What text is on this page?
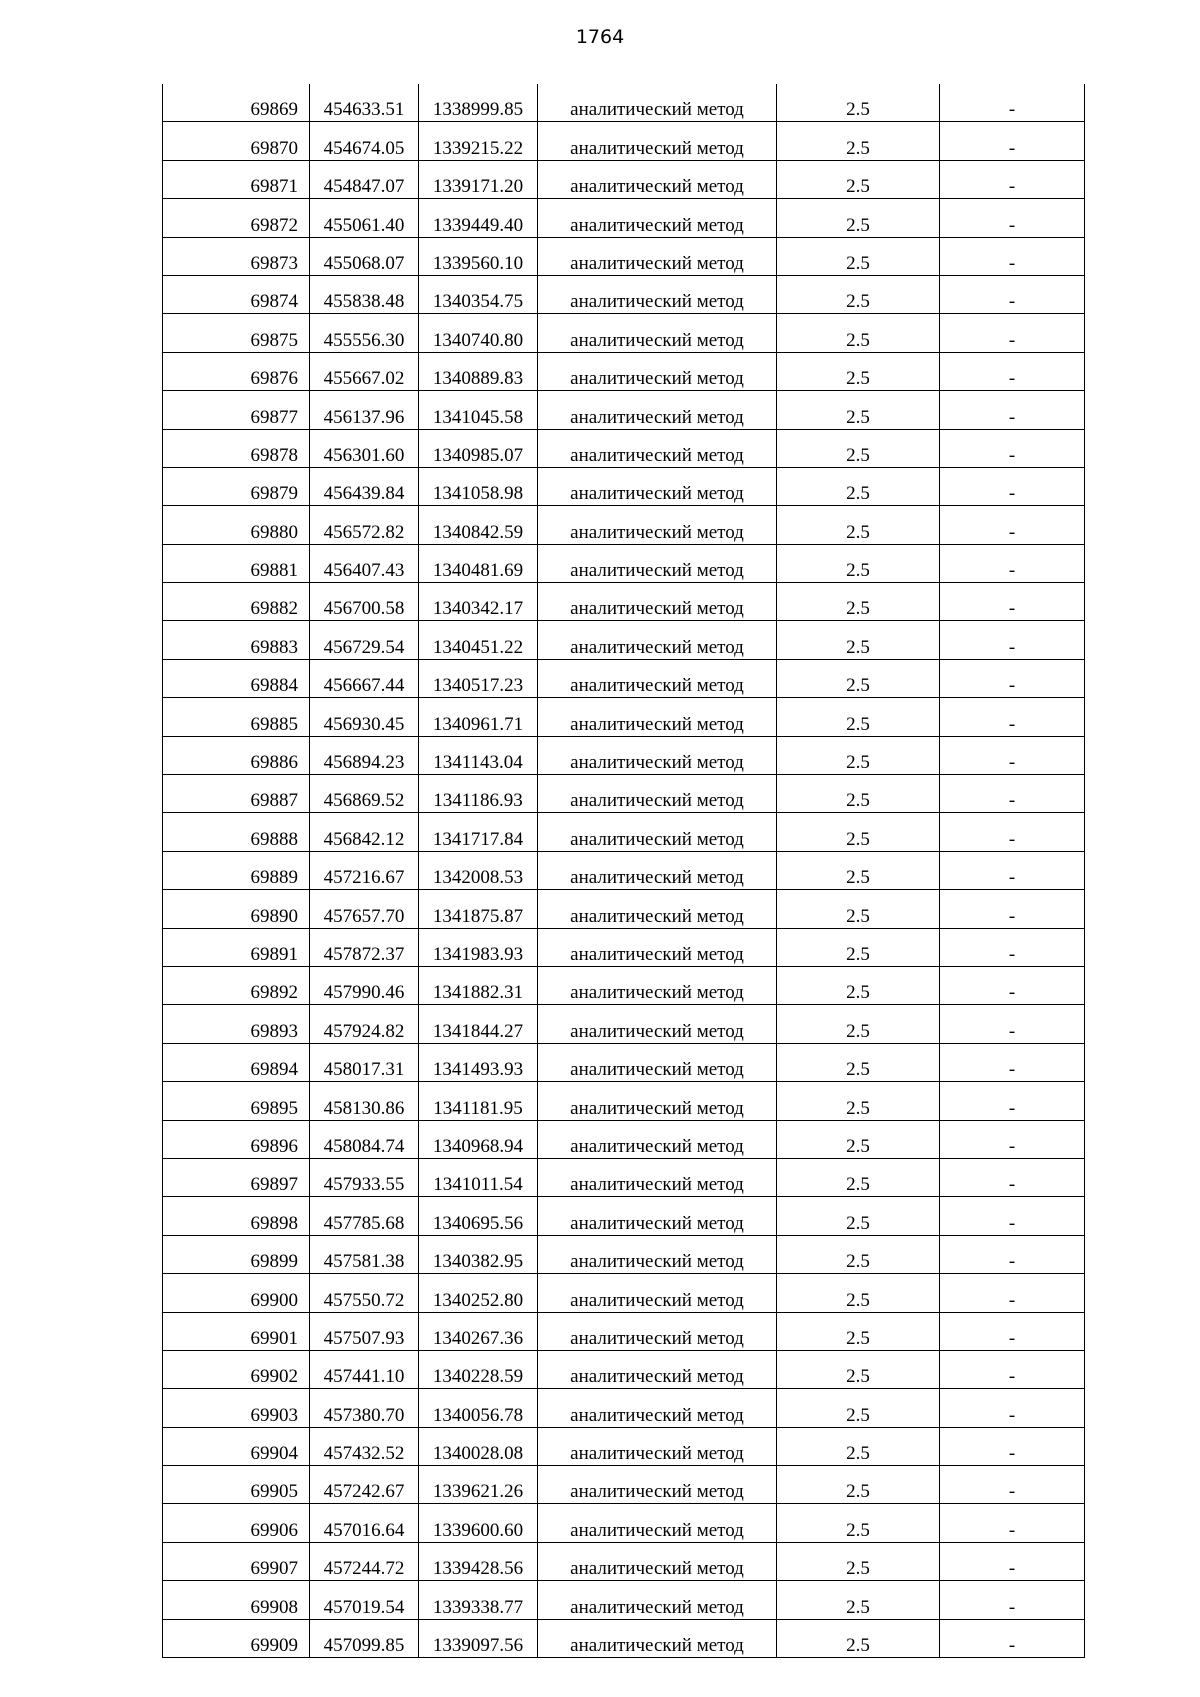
1764
69869	454633.51	1338999.85	аналитический метод	2.5	-
69870	454674.05	1339215.22	аналитический метод	2.5	-
69871	454847.07	1339171.20	аналитический метод	2.5	-
69872	455061.40	1339449.40	аналитический метод	2.5	-
69873	455068.07	1339560.10	аналитический метод	2.5	-
69874	455838.48	1340354.75	аналитический метод	2.5	-
69875	455556.30	1340740.80	аналитический метод	2.5	-
69876	455667.02	1340889.83	аналитический метод	2.5	-
69877	456137.96	1341045.58	аналитический метод	2.5	-
69878	456301.60	1340985.07	аналитический метод	2.5	-
69879	456439.84	1341058.98	аналитический метод	2.5	-
69880	456572.82	1340842.59	аналитический метод	2.5	-
69881	456407.43	1340481.69	аналитический метод	2.5	-
69882	456700.58	1340342.17	аналитический метод	2.5	-
69883	456729.54	1340451.22	аналитический метод	2.5	-
69884	456667.44	1340517.23	аналитический метод	2.5	-
69885	456930.45	1340961.71	аналитический метод	2.5	-
69886	456894.23	1341143.04	аналитический метод	2.5	-
69887	456869.52	1341186.93	аналитический метод	2.5	-
69888	456842.12	1341717.84	аналитический метод	2.5	-
69889	457216.67	1342008.53	аналитический метод	2.5	-
69890	457657.70	1341875.87	аналитический метод	2.5	-
69891	457872.37	1341983.93	аналитический метод	2.5	-
69892	457990.46	1341882.31	аналитический метод	2.5	-
69893	457924.82	1341844.27	аналитический метод	2.5	-
69894	458017.31	1341493.93	аналитический метод	2.5	-
69895	458130.86	1341181.95	аналитический метод	2.5	-
69896	458084.74	1340968.94	аналитический метод	2.5	-
69897	457933.55	1341011.54	аналитический метод	2.5	-
69898	457785.68	1340695.56	аналитический метод	2.5	-
69899	457581.38	1340382.95	аналитический метод	2.5	-
69900	457550.72	1340252.80	аналитический метод	2.5	-
69901	457507.93	1340267.36	аналитический метод	2.5	-
69902	457441.10	1340228.59	аналитический метод	2.5	-
69903	457380.70	1340056.78	аналитический метод	2.5	-
69904	457432.52	1340028.08	аналитический метод	2.5	-
69905	457242.67	1339621.26	аналитический метод	2.5	-
69906	457016.64	1339600.60	аналитический метод	2.5	-
69907	457244.72	1339428.56	аналитический метод	2.5	-
69908	457019.54	1339338.77	аналитический метод	2.5	-
69909	457099.85	1339097.56	аналитический метод	2.5	-
